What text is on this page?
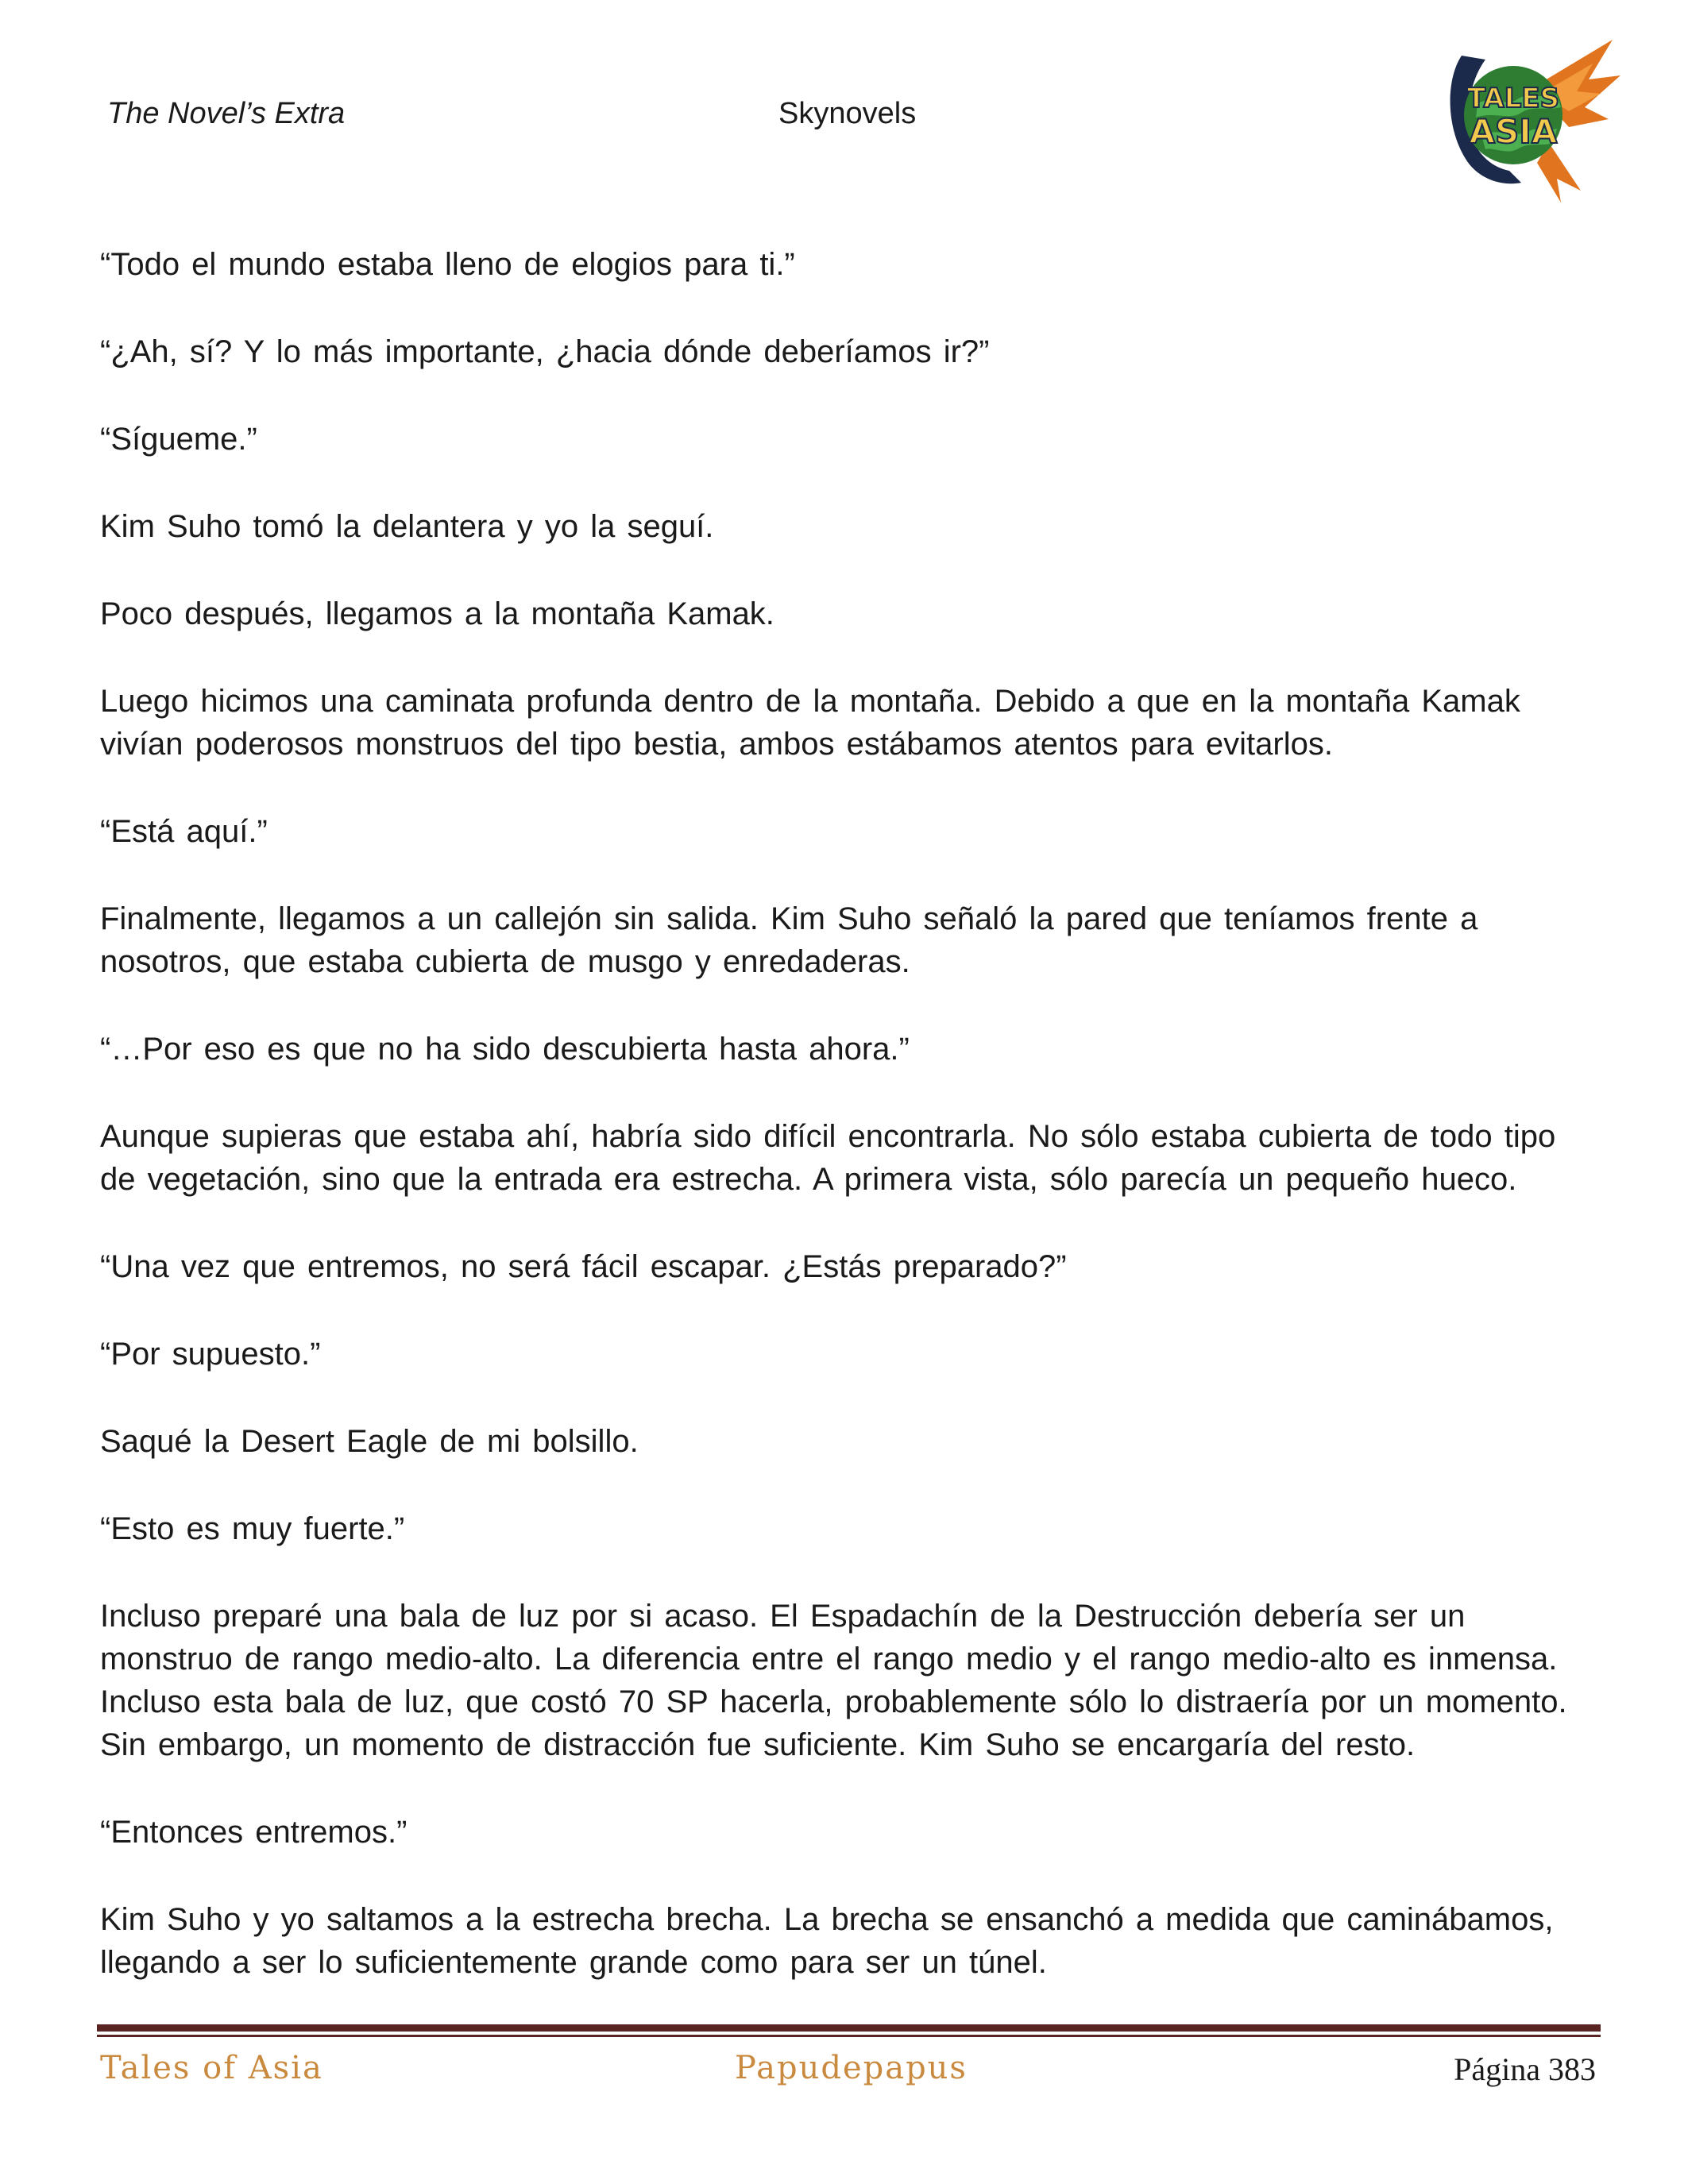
The Novel’s Extra	Skynovels	TALES
ASIA

“Todo el mundo estaba lleno de elogios para ti.”

“¿Ah, sí? Y lo más importante, ¿hacia dónde deberíamos ir?”

“Sígueme.”

Kim Suho tomó la delantera y yo la seguí.

Poco después, llegamos a la montaña Kamak.

Luego hicimos una caminata profunda dentro de la montaña. Debido a que en la montaña Kamak vivían poderosos monstruos del tipo bestia, ambos estábamos atentos para evitarlos.

“Está aquí.”

Finalmente, llegamos a un callejón sin salida. Kim Suho señaló la pared que teníamos frente a nosotros, que estaba cubierta de musgo y enredaderas.

“…Por eso es que no ha sido descubierta hasta ahora.”

Aunque supieras que estaba ahí, habría sido difícil encontrarla. No sólo estaba cubierta de todo tipo de vegetación, sino que la entrada era estrecha. A primera vista, sólo parecía un pequeño hueco.

“Una vez que entremos, no será fácil escapar. ¿Estás preparado?”

“Por supuesto.”

Saqué la Desert Eagle de mi bolsillo.

“Esto es muy fuerte.”

Incluso preparé una bala de luz por si acaso. El Espadachín de la Destrucción debería ser un monstruo de rango medio-alto. La diferencia entre el rango medio y el rango medio-alto es inmensa. Incluso esta bala de luz, que costó 70 SP hacerla, probablemente sólo lo distraería por un momento. Sin embargo, un momento de distracción fue suficiente. Kim Suho se encargaría del resto.

“Entonces entremos.”

Kim Suho y yo saltamos a la estrecha brecha. La brecha se ensanchó a medida que caminábamos, llegando a ser lo suficientemente grande como para ser un túnel.

Tales of Asia	Papudepapus	Página 383
